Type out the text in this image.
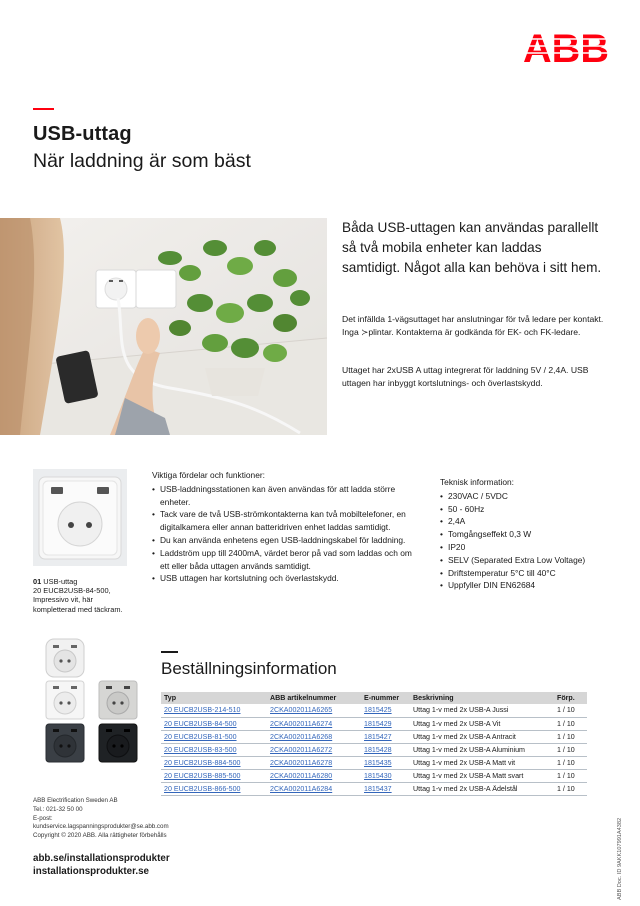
ABB
USB-uttag
När laddning är som bäst
Båda USB-uttagen kan användas parallellt så två mobila enheter kan laddas samtidigt. Något alla kan behöva i sitt hem.
Det infällda 1-vägsuttaget har anslutningar för två ledare per kontakt. Inga ≻plintar. Kontakterna är godkända för EK- och FK-ledare.
Uttaget har 2xUSB A uttag integrerat för laddning 5V / 2,4A. USB uttagen har inbyggt kortslutnings- och överlastskydd.
01 USB-uttag
20 EUCB2USB-84-500,
Impressivo vit, här
kompletterad med täckram.
Viktiga fördelar och funktioner:
• USB-laddningsstationen kan även användas för att ladda större enheter.
• Tack vare de två USB-strömkontakterna kan två mobiltelefoner, en digitalkamera eller annan batteridriven enhet laddas samtidigt.
• Du kan använda enhetens egen USB-laddningskabel för laddning.
• Laddström upp till 2400mA, värdet beror på vad som laddas och om ett eller båda uttagen används samtidigt.
• USB uttagen har kortslutning och överlastskydd.
Teknisk information:
• 230VAC / 5VDC
• 50 - 60Hz
• 2,4A
• Tomgångseffekt 0,3 W
• IP20
• SELV (Separated Extra Low Voltage)
• Driftstemperatur 5°C till 40°C
• Uppfyller DIN EN62684
Beställningsinformation
Typ	ABB artikelnummer	E-nummer	Beskrivning	Förp.
20 EUCB2USB-214-510	2CKA002011A6265	1815425	Uttag 1-v med 2x USB-A Jussi	1 / 10
20 EUCB2USB-84-500	2CKA002011A6274	1815429	Uttag 1-v med 2x USB-A Vit	1 / 10
20 EUCB2USB-81-500	2CKA002011A6268	1815427	Uttag 1-v med 2x USB-A Antracit	1 / 10
20 EUCB2USB-83-500	2CKA002011A6272	1815428	Uttag 1-v med 2x USB-A Aluminium	1 / 10
20 EUCB2USB-884-500	2CKA002011A6278	1815435	Uttag 1-v med 2x USB-A Matt vit	1 / 10
20 EUCB2USB-885-500	2CKA002011A6280	1815430	Uttag 1-v med 2x USB-A Matt svart	1 / 10
20 EUCB2USB-866-500	2CKA002011A6284	1815437	Uttag 1-v med 2x USB-A Ädelstål	1 / 10
ABB Electrification Sweden AB
Tel.: 021-32 50 00
E-post:
kundservice.lagspanningsprodukter@se.abb.com
Copyright © 2020 ABB. Alla rättigheter förbehålls
abb.se/installationsprodukter
installationsprodukter.se	ABB Doc. ID 9AKK107991A4382
